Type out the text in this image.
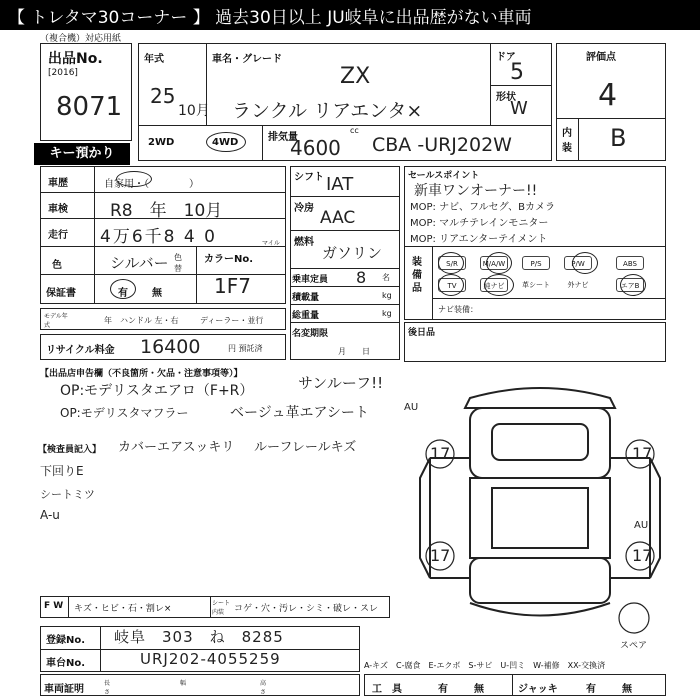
【 トレタマ30コーナー 】 過去30日以上 JU岐阜に出品歴がない車両
（複合機）対応用紙
出品No.
[2016]
8071
キー預かり
年式
25
10月
車名・グレード
ZX
ランクル リアエンタ×
ドア
5
形状
W
2WD	4WD	排気量
cc
4600 CBA -URJ202W
評価点
4
内装 B
車歴	自家用・（　　　　）
車検 R8　年　10月
走行 4万6千8 4 0	マイル
色	シルバー 色替
カラーNo.
1F7
保証書	有 無
モデル年式
年 ハンドル 左・右	ディーラー・並行
リサイクル料金 16400	円 預託済
シフト IAT
冷房 AAC
燃料
ガソリン
乗車定員 8 名
積載量	kg
総重量	kg
名変期限
月　　日
セールスポイント
新車ワンオーナー!!
MOP: ナビ、フルセグ、Bカメラ
MOP: マルチテレインモニター
MOP: リアエンターテイメント
装備品
S/R	M/A/W	P/S	P/W	ABS
TV	純ナビ	革シート	外ナビ	エアB
ナビ装備：
後日品
【出品店申告欄（不良箇所・欠品・注意事項等）】
OP:モデリスタエアロ（F+R）	サンルーフ!!
OP:モデリスタマフラー	ベージュ革エアシート
【検査員記入】 カバーエアスッキリ ルーフレールキズ
下回りE
シートミツ
A-u
AU
AU
17	17
17	17
スペア
F W キズ・ヒビ・石・割レ×
シート内装	コゲ・穴・汚レ・シミ・破レ・スレ
登録No. 岐阜　303　ね　8285
車台No.	URJ202-4055259	A-キズ　C-腐食　E-エクボ　S-サビ　U-凹ミ　W-補修　XX-交換済
車両証明
長さ
幅	高さ	工　具	有	無	ジャッキ	有	無
